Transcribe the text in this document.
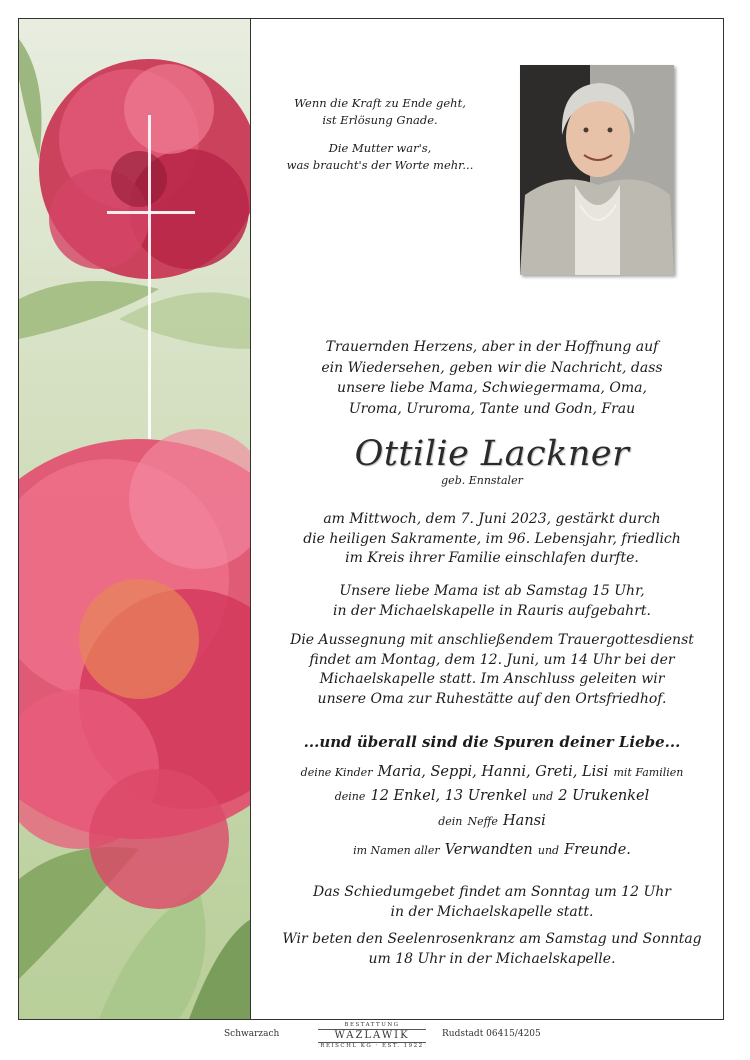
Wenn die Kraft zu Ende geht,
ist Erlösung Gnade.

Die Mutter war's,
was braucht's der Worte mehr...

Trauernden Herzens, aber in der Hoffnung auf
ein Wiedersehen, geben wir die Nachricht, dass
unsere liebe Mama, Schwiegermama, Oma,
Uroma, Ururoma, Tante und Godn, Frau
Ottilie Lackner
geb. Ennstaler
am Mittwoch, dem 7. Juni 2023, gestärkt durch
die heiligen Sakramente, im 96. Lebensjahr, friedlich
im Kreis ihrer Familie einschlafen durfte.
Unsere liebe Mama ist ab Samstag 15 Uhr,
in der Michaelskapelle in Rauris aufgebahrt.
Die Aussegnung mit anschließendem Trauergottesdienst
findet am Montag, dem 12. Juni, um 14 Uhr bei der
Michaelskapelle statt. Im Anschluss geleiten wir
unsere Oma zur Ruhestätte auf den Ortsfriedhof.
...und überall sind die Spuren deiner Liebe...
deine Kinder Maria, Seppi, Hanni, Greti, Lisi mit Familien
deine 12 Enkel, 13 Urenkel und 2 Urukenkel
dein Neffe Hansi
im Namen aller Verwandten und Freunde.
Das Schiedumgebet findet am Sonntag um 12 Uhr
in der Michaelskapelle statt.
Wir beten den Seelenrosenkranz am Samstag und Sonntag
um 18 Uhr in der Michaelskapelle.
Schwarzach
BESTATTUNG
WAZLAWIK
REISCHL KG · EST. 1922
Rudstadt 06415/4205
